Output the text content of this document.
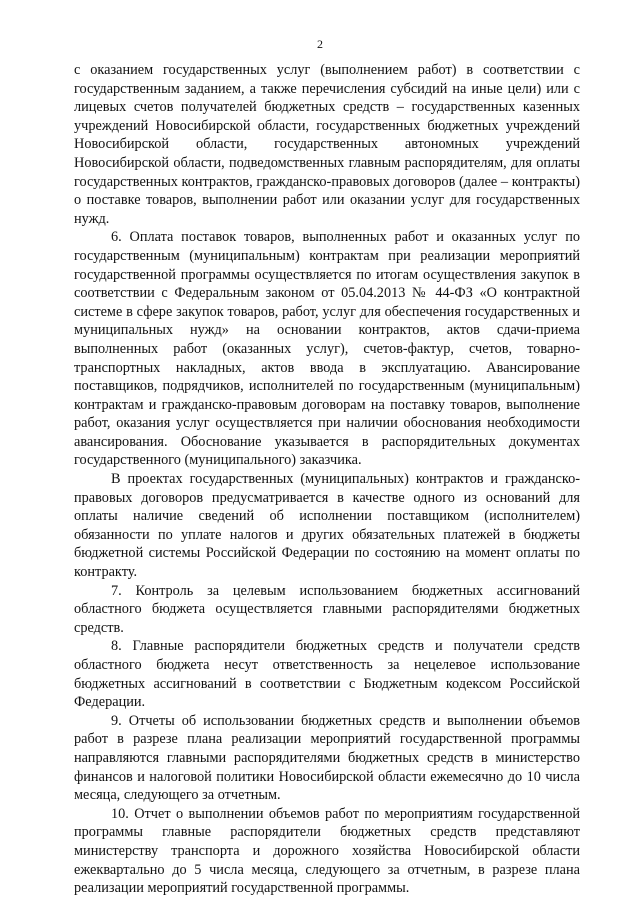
2

с оказанием государственных услуг (выполнением работ) в соответствии с государственным заданием, а также перечисления субсидий на иные цели) или с лицевых счетов получателей бюджетных средств – государственных казенных учреждений Новосибирской области, государственных бюджетных учреждений Новосибирской области, государственных автономных учреждений Новосибирской области, подведомственных главным распорядителям, для оплаты государственных контрактов, гражданско-правовых договоров (далее – контракты) о поставке товаров, выполнении работ или оказании услуг для государственных нужд.

6. Оплата поставок товаров, выполненных работ и оказанных услуг по государственным (муниципальным) контрактам при реализации мероприятий государственной программы осуществляется по итогам осуществления закупок в соответствии с Федеральным законом от 05.04.2013 № 44-ФЗ «О контрактной системе в сфере закупок товаров, работ, услуг для обеспечения государственных и муниципальных нужд» на основании контрактов, актов сдачи-приема выполненных работ (оказанных услуг), счетов-фактур, счетов, товарно-транспортных накладных, актов ввода в эксплуатацию. Авансирование поставщиков, подрядчиков, исполнителей по государственным (муниципальным) контрактам и гражданско-правовым договорам на поставку товаров, выполнение работ, оказания услуг осуществляется при наличии обоснования необходимости авансирования. Обоснование указывается в распорядительных документах государственного (муниципального) заказчика.

В проектах государственных (муниципальных) контрактов и гражданско-правовых договоров предусматривается в качестве одного из оснований для оплаты наличие сведений об исполнении поставщиком (исполнителем) обязанности по уплате налогов и других обязательных платежей в бюджеты бюджетной системы Российской Федерации по состоянию на момент оплаты по контракту.

7. Контроль за целевым использованием бюджетных ассигнований областного бюджета осуществляется главными распорядителями бюджетных средств.

8. Главные распорядители бюджетных средств и получатели средств областного бюджета несут ответственность за нецелевое использование бюджетных ассигнований в соответствии с Бюджетным кодексом Российской Федерации.

9. Отчеты об использовании бюджетных средств и выполнении объемов работ в разрезе плана реализации мероприятий государственной программы направляются главными распорядителями бюджетных средств в министерство финансов и налоговой политики Новосибирской области ежемесячно до 10 числа месяца, следующего за отчетным.

10. Отчет о выполнении объемов работ по мероприятиям государственной программы главные распорядители бюджетных средств представляют министерству транспорта и дорожного хозяйства Новосибирской области ежеквартально до 5 числа месяца, следующего за отчетным, в разрезе плана реализации мероприятий государственной программы.
